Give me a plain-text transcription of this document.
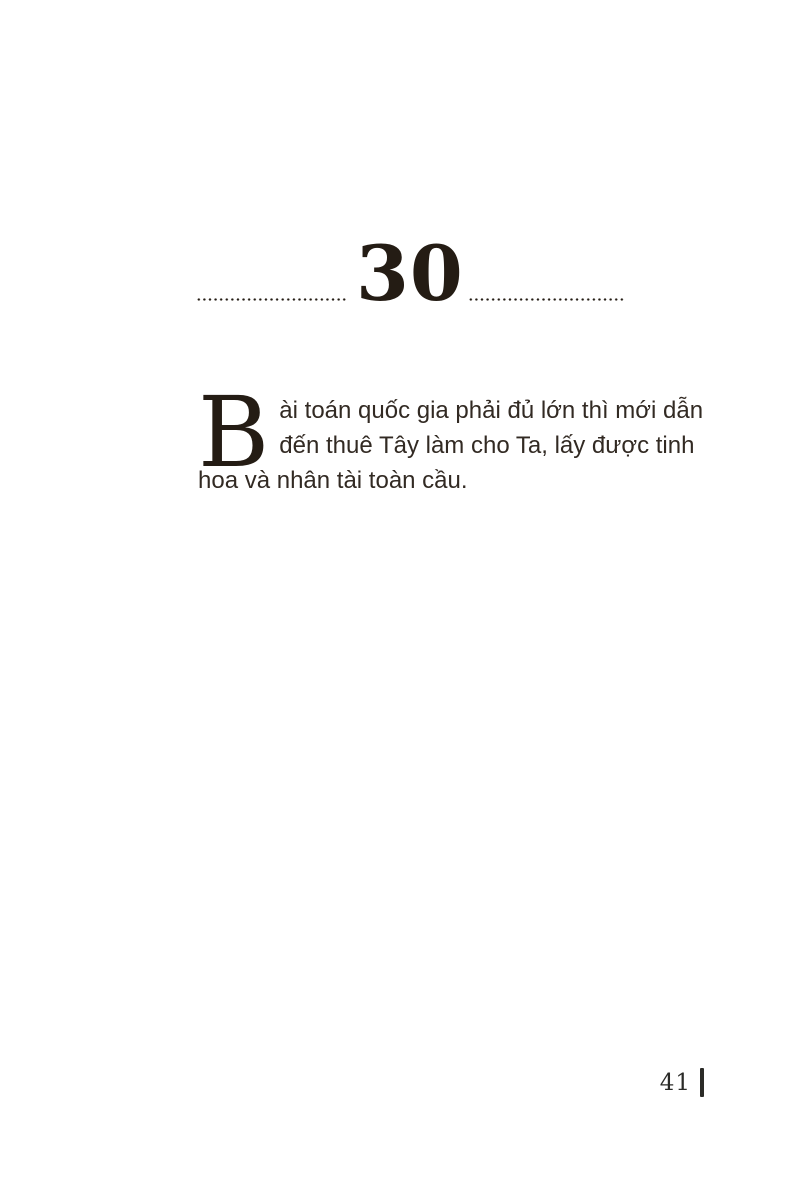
30
B ài toán quốc gia phải đủ lớn thì mới dẫn
đến thuê Tây làm cho Ta, lấy được tinh
hoa và nhân tài toàn cầu.
41
